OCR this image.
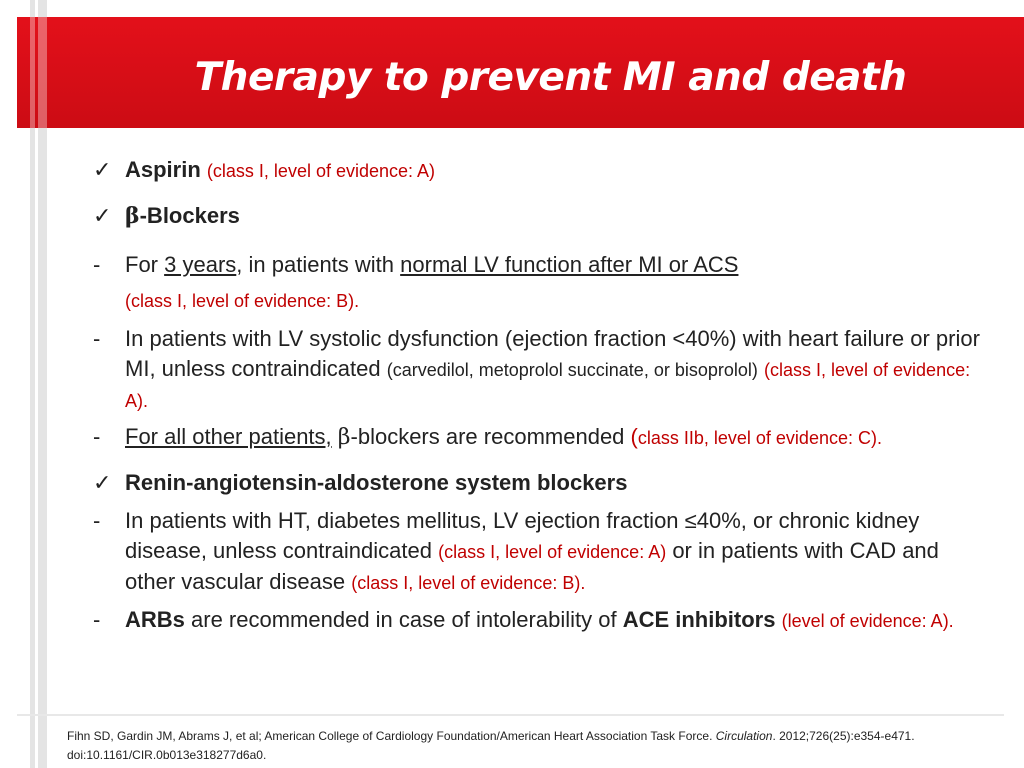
Therapy to prevent MI and death
✓ Aspirin (class I, level of evidence: A)
✓ β-Blockers
-	For 3 years, in patients with normal LV function after MI or ACS
(class I, level of evidence: B).
-	In patients with LV systolic dysfunction (ejection fraction <40%) with heart failure or prior MI, unless contraindicated (carvedilol, metoprolol succinate, or bisoprolol) (class I, level of evidence: A).
-	For all other patients, β-blockers are recommended (class IIb, level of evidence: C).
✓ Renin-angiotensin-aldosterone system blockers
-	In patients with HT, diabetes mellitus, LV ejection fraction ≤40%, or chronic kidney disease, unless contraindicated (class I, level of evidence: A) or in patients with CAD and other vascular disease (class I, level of evidence: B).
-	ARBs are recommended in case of intolerability of ACE inhibitors (level of evidence: A).
Fihn SD, Gardin JM, Abrams J, et al; American College of Cardiology Foundation/American Heart Association Task Force. Circulation. 2012;726(25):e354-e471. doi:10.1161/CIR.0b013e318277d6a0.
